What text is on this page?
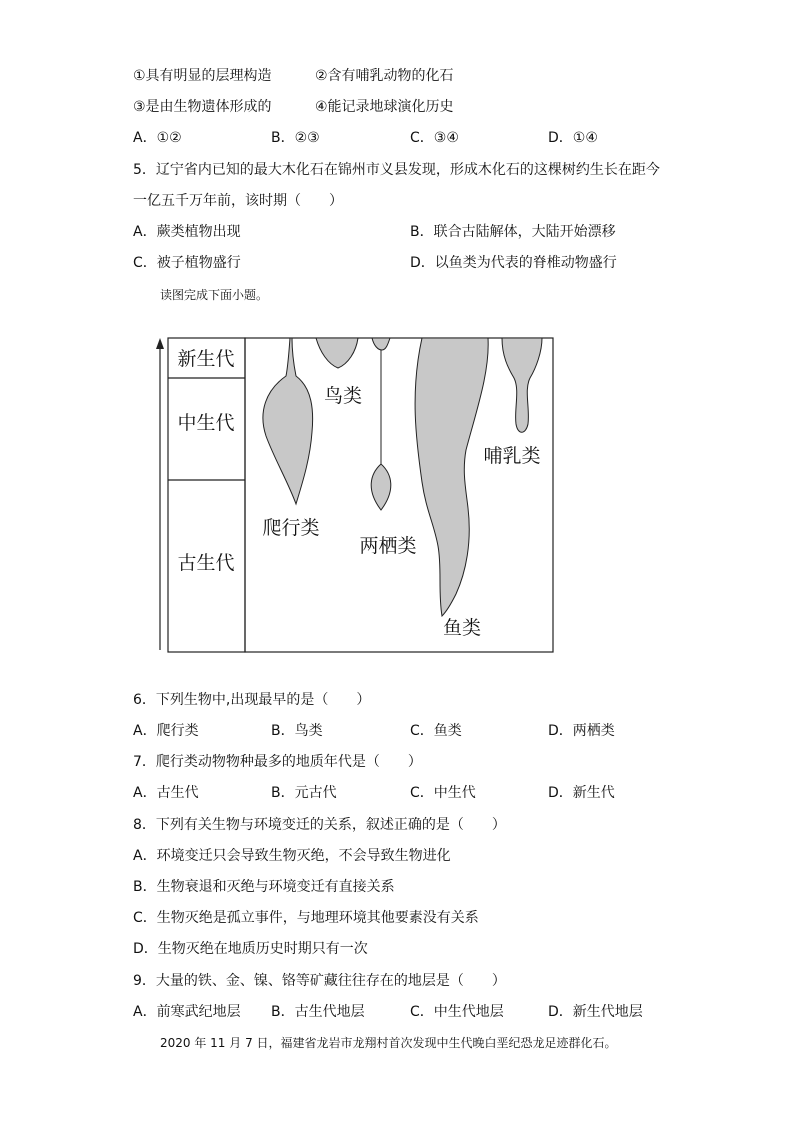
①具有明显的层理构造	②含有哺乳动物的化石
③是由生物遗体形成的	④能记录地球演化历史
A．①②	B．②③	C．③④	D．①④
5．辽宁省内已知的最大木化石在锦州市义县发现，形成木化石的这棵树约生长在距今
一亿五千万年前，该时期（　　）
A．蕨类植物出现	B．联合古陆解体，大陆开始漂移
C．被子植物盛行	D．以鱼类为代表的脊椎动物盛行
读图完成下面小题。
新生代
中生代
古生代
鸟类
爬行类
两栖类
哺乳类
鱼类
6．下列生物中,出现最早的是（　　）
A．爬行类	B．鸟类	C．鱼类	D．两栖类
7．爬行类动物物种最多的地质年代是（　　）
A．古生代	B．元古代	C．中生代	D．新生代
8．下列有关生物与环境变迁的关系，叙述正确的是（　　）
A．环境变迁只会导致生物灭绝，不会导致生物进化
B．生物衰退和灭绝与环境变迁有直接关系
C．生物灭绝是孤立事件，与地理环境其他要素没有关系
D．生物灭绝在地质历史时期只有一次
9．大量的铁、金、镍、铬等矿藏往往存在的地层是（　　）
A．前寒武纪地层 B．古生代地层	C．中生代地层	D．新生代地层
2020 年 11 月 7 日，福建省龙岩市龙翔村首次发现中生代晚白垩纪恐龙足迹群化石。
